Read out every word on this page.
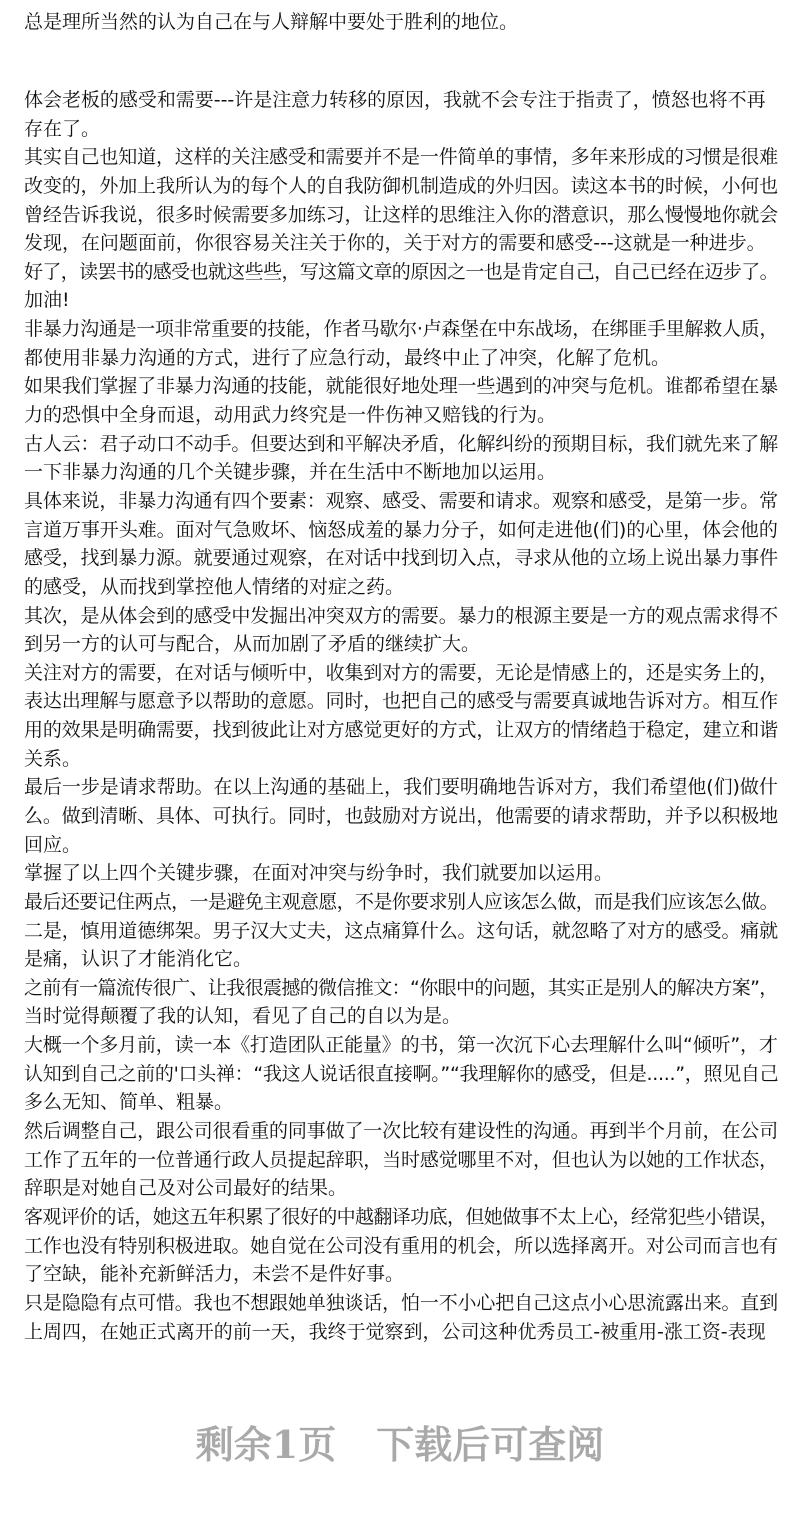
总是理所当然的认为自己在与人辩解中要处于胜利的地位。
体会老板的感受和需要---许是注意力转移的原因，我就不会专注于指责了，愤怒也将不再
存在了。
其实自己也知道，这样的关注感受和需要并不是一件简单的事情，多年来形成的习惯是很难
改变的，外加上我所认为的每个人的自我防御机制造成的外归因。读这本书的时候，小何也
曾经告诉我说，很多时候需要多加练习，让这样的思维注入你的潜意识，那么慢慢地你就会
发现，在问题面前，你很容易关注关于你的，关于对方的需要和感受---这就是一种进步。
好了，读罢书的感受也就这些些，写这篇文章的原因之一也是肯定自己，自己已经在迈步了。
加油!
非暴力沟通是一项非常重要的技能，作者马歇尔·卢森堡在中东战场，在绑匪手里解救人质，
都使用非暴力沟通的方式，进行了应急行动，最终中止了冲突，化解了危机。
如果我们掌握了非暴力沟通的技能，就能很好地处理一些遇到的冲突与危机。谁都希望在暴
力的恐惧中全身而退，动用武力终究是一件伤神又赔钱的行为。
古人云：君子动口不动手。但要达到和平解决矛盾，化解纠纷的预期目标，我们就先来了解
一下非暴力沟通的几个关键步骤，并在生活中不断地加以运用。
具体来说，非暴力沟通有四个要素：观察、感受、需要和请求。观察和感受，是第一步。常
言道万事开头难。面对气急败坏、恼怒成羞的暴力分子，如何走进他(们)的心里，体会他的
感受，找到暴力源。就要通过观察，在对话中找到切入点，寻求从他的立场上说出暴力事件
的感受，从而找到掌控他人情绪的对症之药。
其次，是从体会到的感受中发掘出冲突双方的需要。暴力的根源主要是一方的观点需求得不
到另一方的认可与配合，从而加剧了矛盾的继续扩大。
关注对方的需要，在对话与倾听中，收集到对方的需要，无论是情感上的，还是实务上的，
表达出理解与愿意予以帮助的意愿。同时，也把自己的感受与需要真诚地告诉对方。相互作
用的效果是明确需要，找到彼此让对方感觉更好的方式，让双方的情绪趋于稳定，建立和谐
关系。
最后一步是请求帮助。在以上沟通的基础上，我们要明确地告诉对方，我们希望他(们)做什
么。做到清晰、具体、可执行。同时，也鼓励对方说出，他需要的请求帮助，并予以积极地
回应。
掌握了以上四个关键步骤，在面对冲突与纷争时，我们就要加以运用。
最后还要记住两点，一是避免主观意愿，不是你要求别人应该怎么做，而是我们应该怎么做。
二是，慎用道德绑架。男子汉大丈夫，这点痛算什么。这句话，就忽略了对方的感受。痛就
是痛，认识了才能消化它。
之前有一篇流传很广、让我很震撼的微信推文：“你眼中的问题，其实正是别人的解决方案”，
当时觉得颠覆了我的认知，看见了自己的自以为是。
大概一个多月前，读一本《打造团队正能量》的书，第一次沉下心去理解什么叫“倾听”，才
认知到自己之前的'口头禅：“我这人说话很直接啊。”“我理解你的感受，但是.....”，照见自己
多么无知、简单、粗暴。
然后调整自己，跟公司很看重的同事做了一次比较有建设性的沟通。再到半个月前，在公司
工作了五年的一位普通行政人员提起辞职，当时感觉哪里不对，但也认为以她的工作状态，
辞职是对她自己及对公司最好的结果。
客观评价的话，她这五年积累了很好的中越翻译功底，但她做事不太上心，经常犯些小错误，
工作也没有特别积极进取。她自觉在公司没有重用的机会，所以选择离开。对公司而言也有
了空缺，能补充新鲜活力，未尝不是件好事。
只是隐隐有点可惜。我也不想跟她单独谈话，怕一不小心把自己这点小心思流露出来。直到
上周四，在她正式离开的前一天，我终于觉察到，公司这种优秀员工-被重用-涨工资-表现
剩余1页 下载后可查阅
